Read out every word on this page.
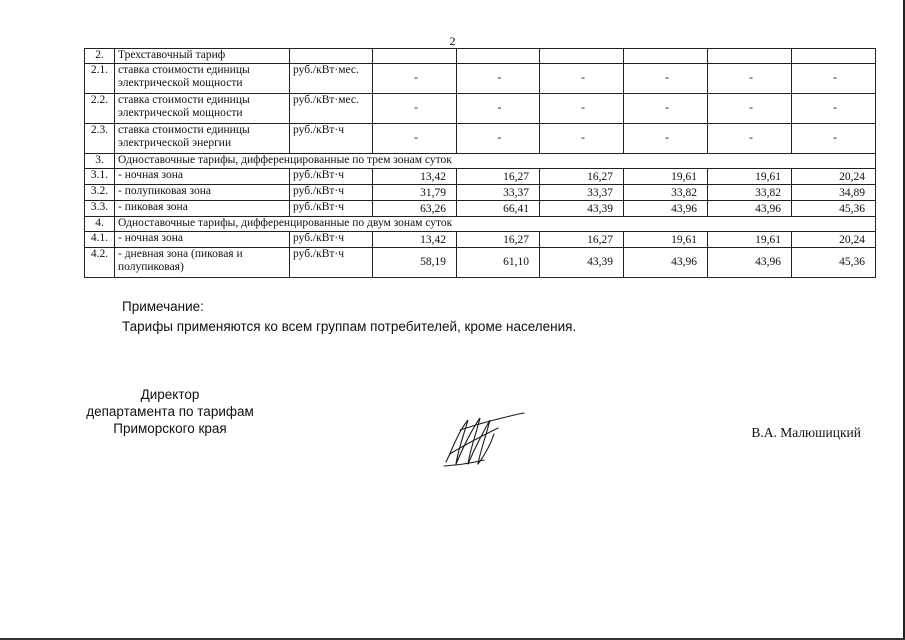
2
2.	Трехставочный тариф							
2.1.	ставка стоимости единицы электрической мощности	руб./кВт·мес.	-	-	-	-	-	-
2.2.	ставка стоимости единицы электрической мощности	руб./кВт·мес.	-	-	-	-	-	-
2.3.	ставка стоимости единицы электрической энергии	руб./кВт·ч	-	-	-	-	-	-
3.	Одноставочные тарифы, дифференцированные по трем зонам суток							
3.1.	- ночная зона	руб./кВт·ч	13,42	16,27	16,27	19,61	19,61	20,24
3.2.	- полупиковая зона	руб./кВт·ч	31,79	33,37	33,37	33,82	33,82	34,89
3.3.	- пиковая зона	руб./кВт·ч	63,26	66,41	43,39	43,96	43,96	45,36
4.	Одноставочные тарифы, дифференцированные по двум зонам суток							
4.1.	- ночная зона	руб./кВт·ч	13,42	16,27	16,27	19,61	19,61	20,24
4.2.	- дневная зона (пиковая и полупиковая)	руб./кВт·ч	58,19	61,10	43,39	43,96	43,96	45,36
Примечание:
Тарифы применяются ко всем группам потребителей, кроме населения.
Директор
департамента по тарифам
Приморского края	В.А. Малюшицкий
